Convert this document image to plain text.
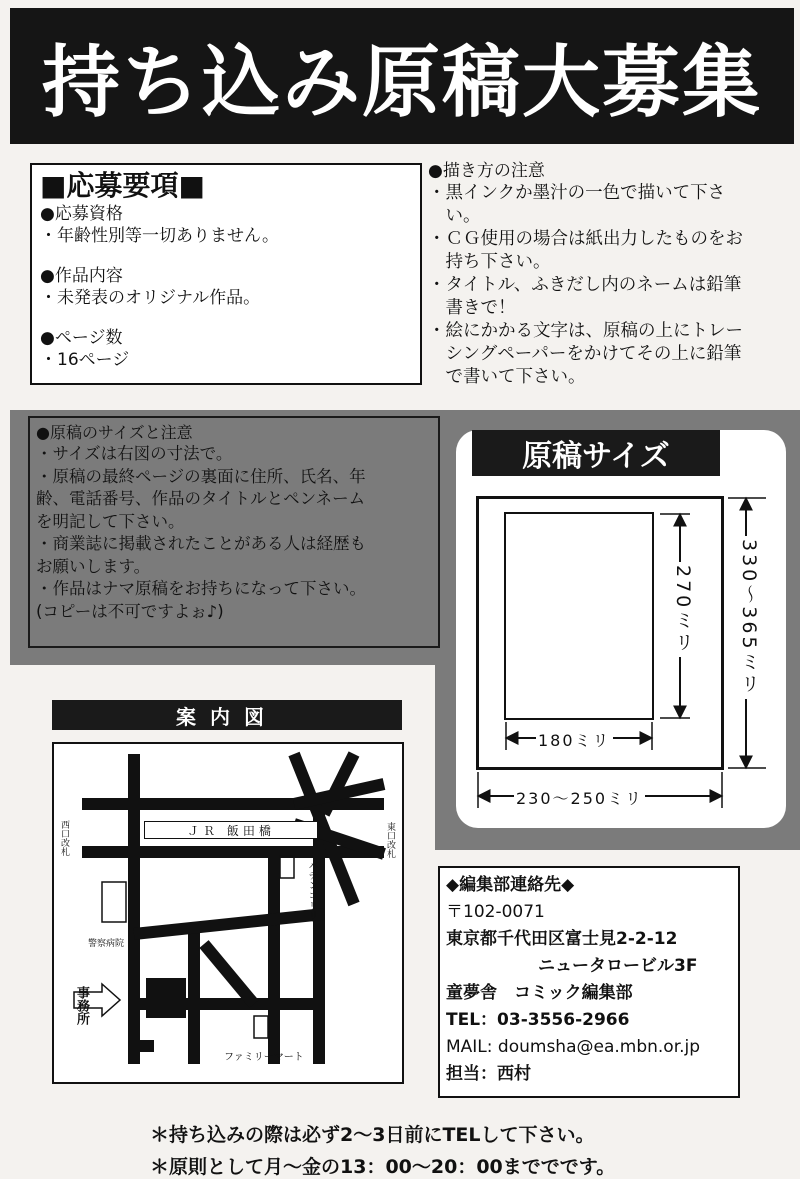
持ち込み原稿大募集
■応募要項■
●応募資格
・年齢性別等一切ありません。
●作品内容
・未発表のオリジナル作品。
●ページ数
・16ページ
●描き方の注意
・黒インクか墨汁の一色で描いて下さ
　い。
・ＣＧ使用の場合は紙出力したものをお
　持ち下さい。
・タイトル、ふきだし内のネームは鉛筆
　書きで！
・絵にかかる文字は、原稿の上にトレー
　シングペーパーをかけてその上に鉛筆
　で書いて下さい。
●原稿のサイズと注意
・サイズは右図の寸法で。
・原稿の最終ページの裏面に住所、氏名、年
齢、電話番号、作品のタイトルとペンネーム
を明記して下さい。
・商業誌に掲載されたことがある人は経歴も
お願いします。
・作品はナマ原稿をお持ちになって下さい。
(コピーは不可ですよぉ♪)
原稿サイズ
270ミリ 330〜365ミリ
180ミリ
230〜250ミリ
案内図
ＪＲ 飯田橋
西口改札	東口改札
警察病院
パチンコリリー
事務所
ファミリーマート
◆編集部連絡先◆
〒102-0071
東京都千代田区富士見2-2-12
ニュータロービル3F
童夢舎　コミック編集部
TEL：03-3556-2966
MAIL: doumsha@ea.mbn.or.jp
担当：西村
＊持ち込みの際は必ず2〜3日前にTELして下さい。
＊原則として月〜金の13：00〜20：00まででです。
